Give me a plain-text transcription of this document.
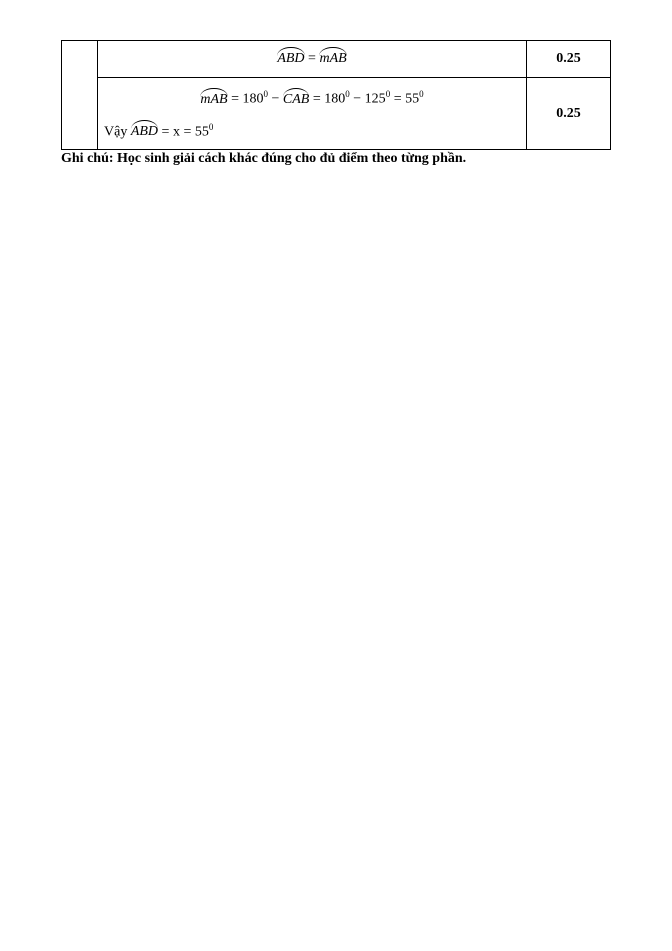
	ABD = mAB	0.25

	mAB = $180^0$ − CAB = $180^0 - 125^0 = 55^0$
Vậy ABD = $x = 55^0$	0.25
Ghi chú: Học sinh giải cách khác đúng cho đủ điểm theo từng phần.
